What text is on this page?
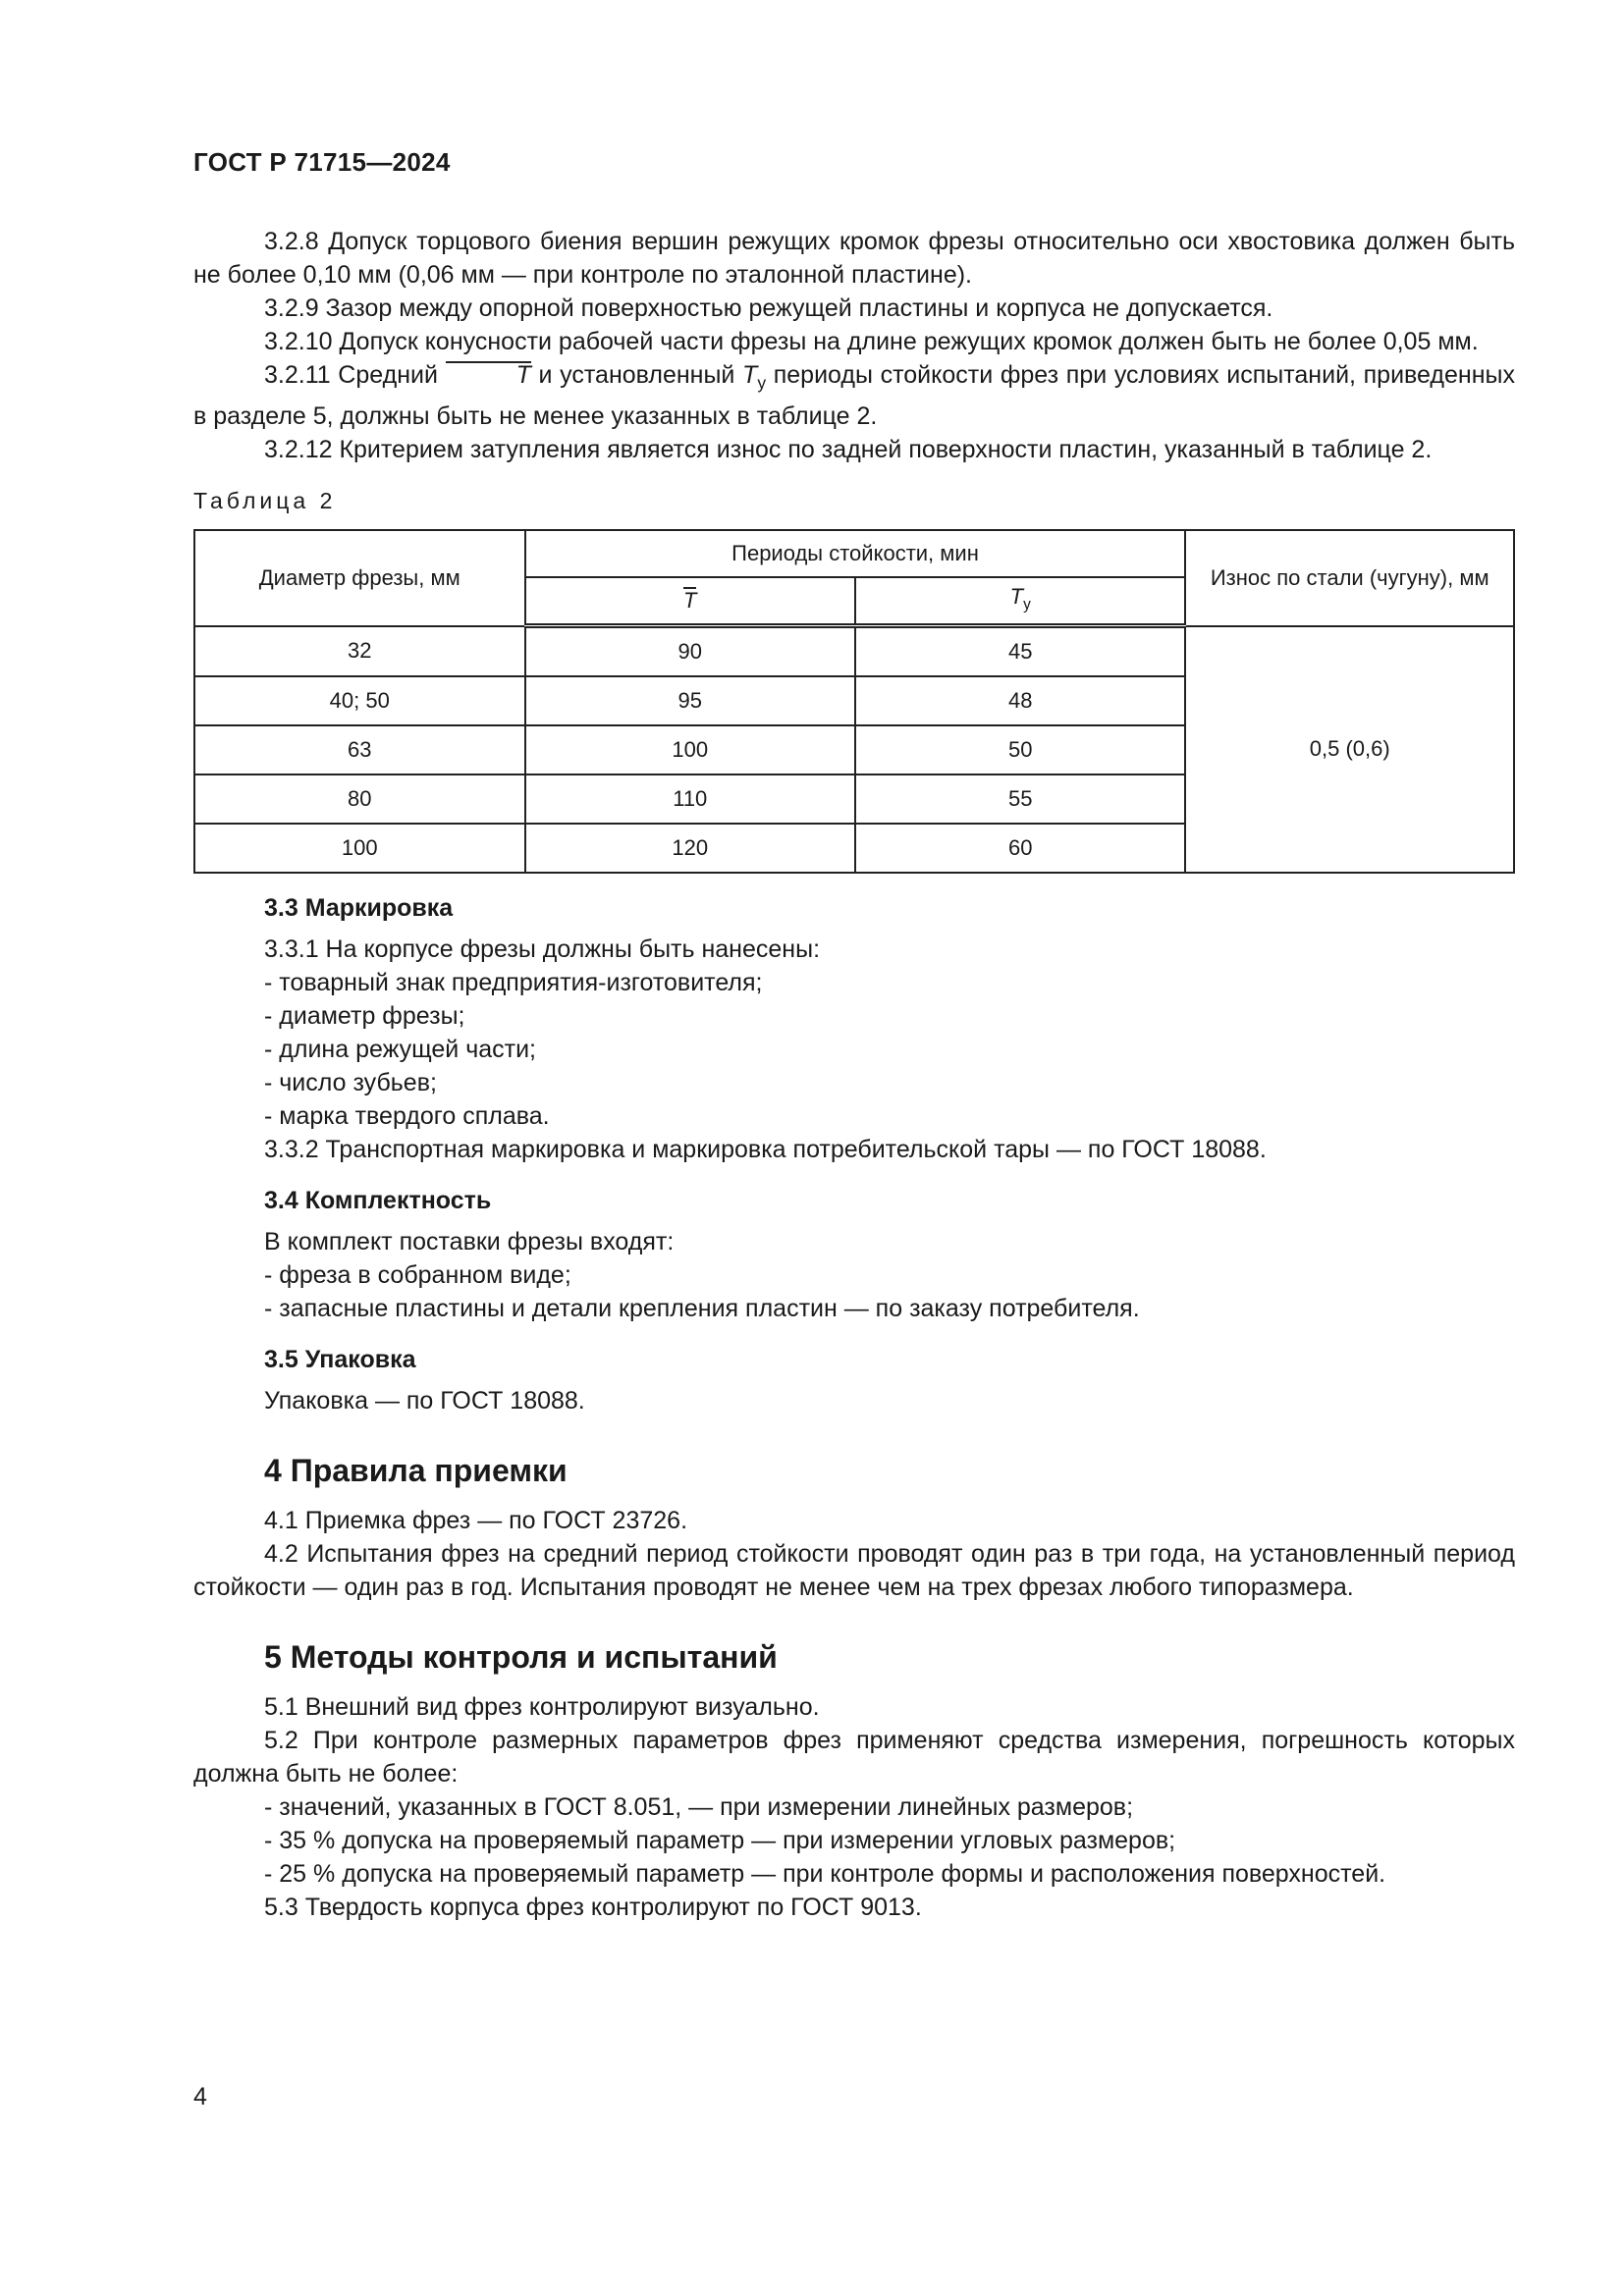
ГОСТ Р 71715—2024

3.2.8 Допуск торцового биения вершин режущих кромок фрезы относительно оси хвостовика должен быть не более 0,10 мм (0,06 мм — при контроле по эталонной пластине).

3.2.9 Зазор между опорной поверхностью режущей пластины и корпуса не допускается.

3.2.10 Допуск конусности рабочей части фрезы на длине режущих кромок должен быть не более 0,05 мм.

3.2.11 Средний	T и установленный $T_у$ периоды стойкости фрез при условиях испытаний, приведенных в разделе 5, должны быть не менее указанных в таблице 2.

3.2.12 Критерием затупления является износ по задней поверхности пластин, указанный в таблице 2.

Таблица 2
Диаметр фрезы, мм	Периоды стойкости, мин		Износ по стали (чугуну), мм
	T	$T_у$
32	90	45	0,5 (0,6)
40; 50	95	48	
63	100	50	
80	110	55	
100	120	60	
3.3 Маркировка

3.3.1 На корпусе фрезы должны быть нанесены:

- товарный знак предприятия-изготовителя;

- диаметр фрезы;

- длина режущей части;

- число зубьев;

- марка твердого сплава.

3.3.2 Транспортная маркировка и маркировка потребительской тары — по ГОСТ 18088.

3.4 Комплектность

В комплект поставки фрезы входят:

- фреза в собранном виде;

- запасные пластины и детали крепления пластин — по заказу потребителя.

3.5 Упаковка

Упаковка — по ГОСТ 18088.

4 Правила приемки

4.1 Приемка фрез — по ГОСТ 23726.

4.2 Испытания фрез на средний период стойкости проводят один раз в три года, на установленный период стойкости — один раз в год. Испытания проводят не менее чем на трех фрезах любого типоразмера.

5 Методы контроля и испытаний

5.1 Внешний вид фрез контролируют визуально.

5.2 При контроле размерных параметров фрез применяют средства измерения, погрешность которых должна быть не более:

- значений, указанных в ГОСТ 8.051, — при измерении линейных размеров;

- 35 % допуска на проверяемый параметр — при измерении угловых размеров;

- 25 % допуска на проверяемый параметр — при контроле формы и расположения поверхностей.

5.3 Твердость корпуса фрез контролируют по ГОСТ 9013.

4
